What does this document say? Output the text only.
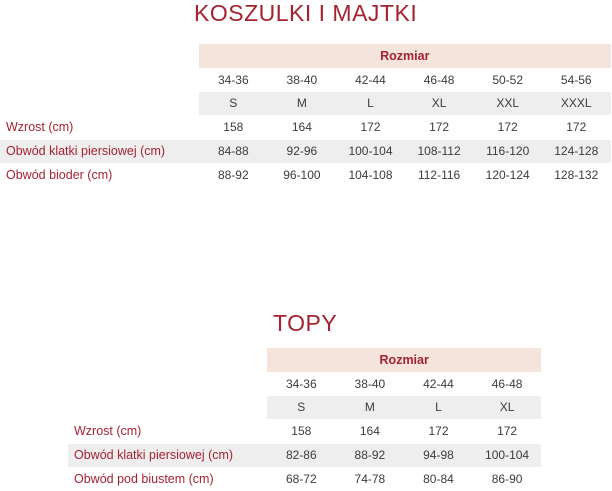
KOSZULKI I MAJTKI
Rozmiar
34-36	38-40	42-44	46-48	50-52	54-56
S	M	L	XL	XXL	XXXL
Wzrost (cm)	158	164	172	172	172	172
Obwód klatki piersiowej (cm)	84-88	92-96	100-104	108-112	116-120	124-128
Obwód bioder (cm)	88-92	96-100	104-108	112-116	120-124	128-132
TOPY
Rozmiar
34-36	38-40	42-44	46-48
S	M	L	XL
Wzrost (cm)	158	164	172	172
Obwód klatki piersiowej (cm)	82-86	88-92	94-98	100-104
Obwód pod biustem (cm)	68-72	74-78	80-84	86-90
